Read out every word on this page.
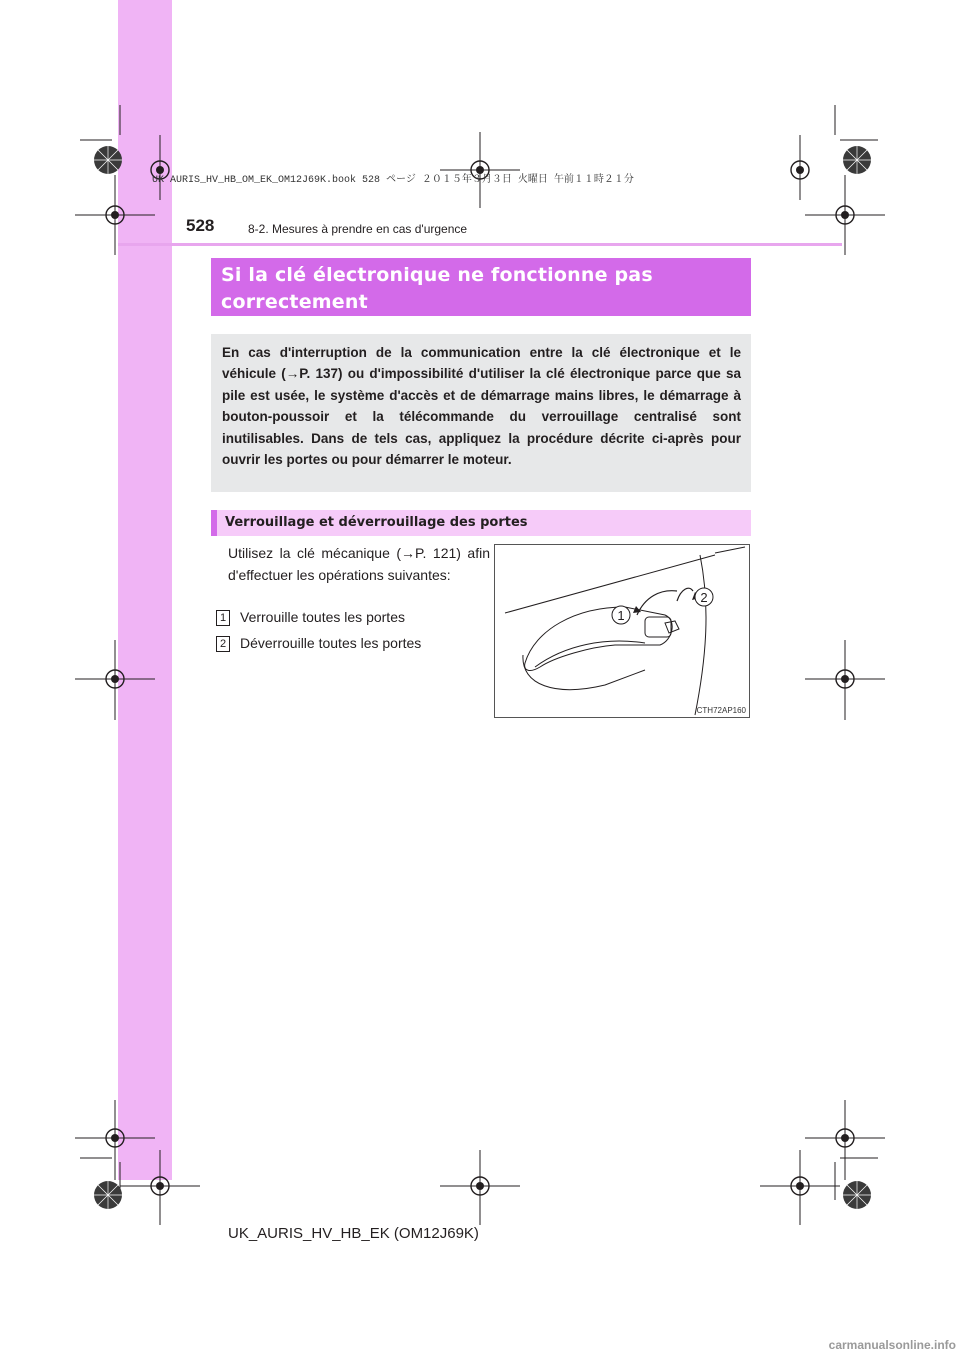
UK AURIS_HV_HB_OM_EK_OM12J69K.book 528 ページ ２０１５年３月３日 火曜日 午前１１時２１分
528	8-2. Mesures à prendre en cas d'urgence
Si la clé électronique ne fonctionne pas
correctement
En cas d'interruption de la communication entre la clé électronique et le véhicule (→P. 137) ou d'impossibilité d'utiliser la clé électronique parce que sa pile est usée, le système d'accès et de démarrage mains libres, le démarrage à bouton-poussoir et la télécommande du verrouillage centralisé sont inutilisables. Dans de tels cas, appliquez la procédure décrite ci-après pour ouvrir les portes ou pour démarrer le moteur.
Verrouillage et déverrouillage des portes
Utilisez la clé mécanique (→P. 121) afin d'effectuer les opérations suivantes:
1 Verrouille toutes les portes
2 Déverrouille toutes les portes
1
2
CTH72AP160
UK_AURIS_HV_HB_EK (OM12J69K)
carmanualsonline.info
